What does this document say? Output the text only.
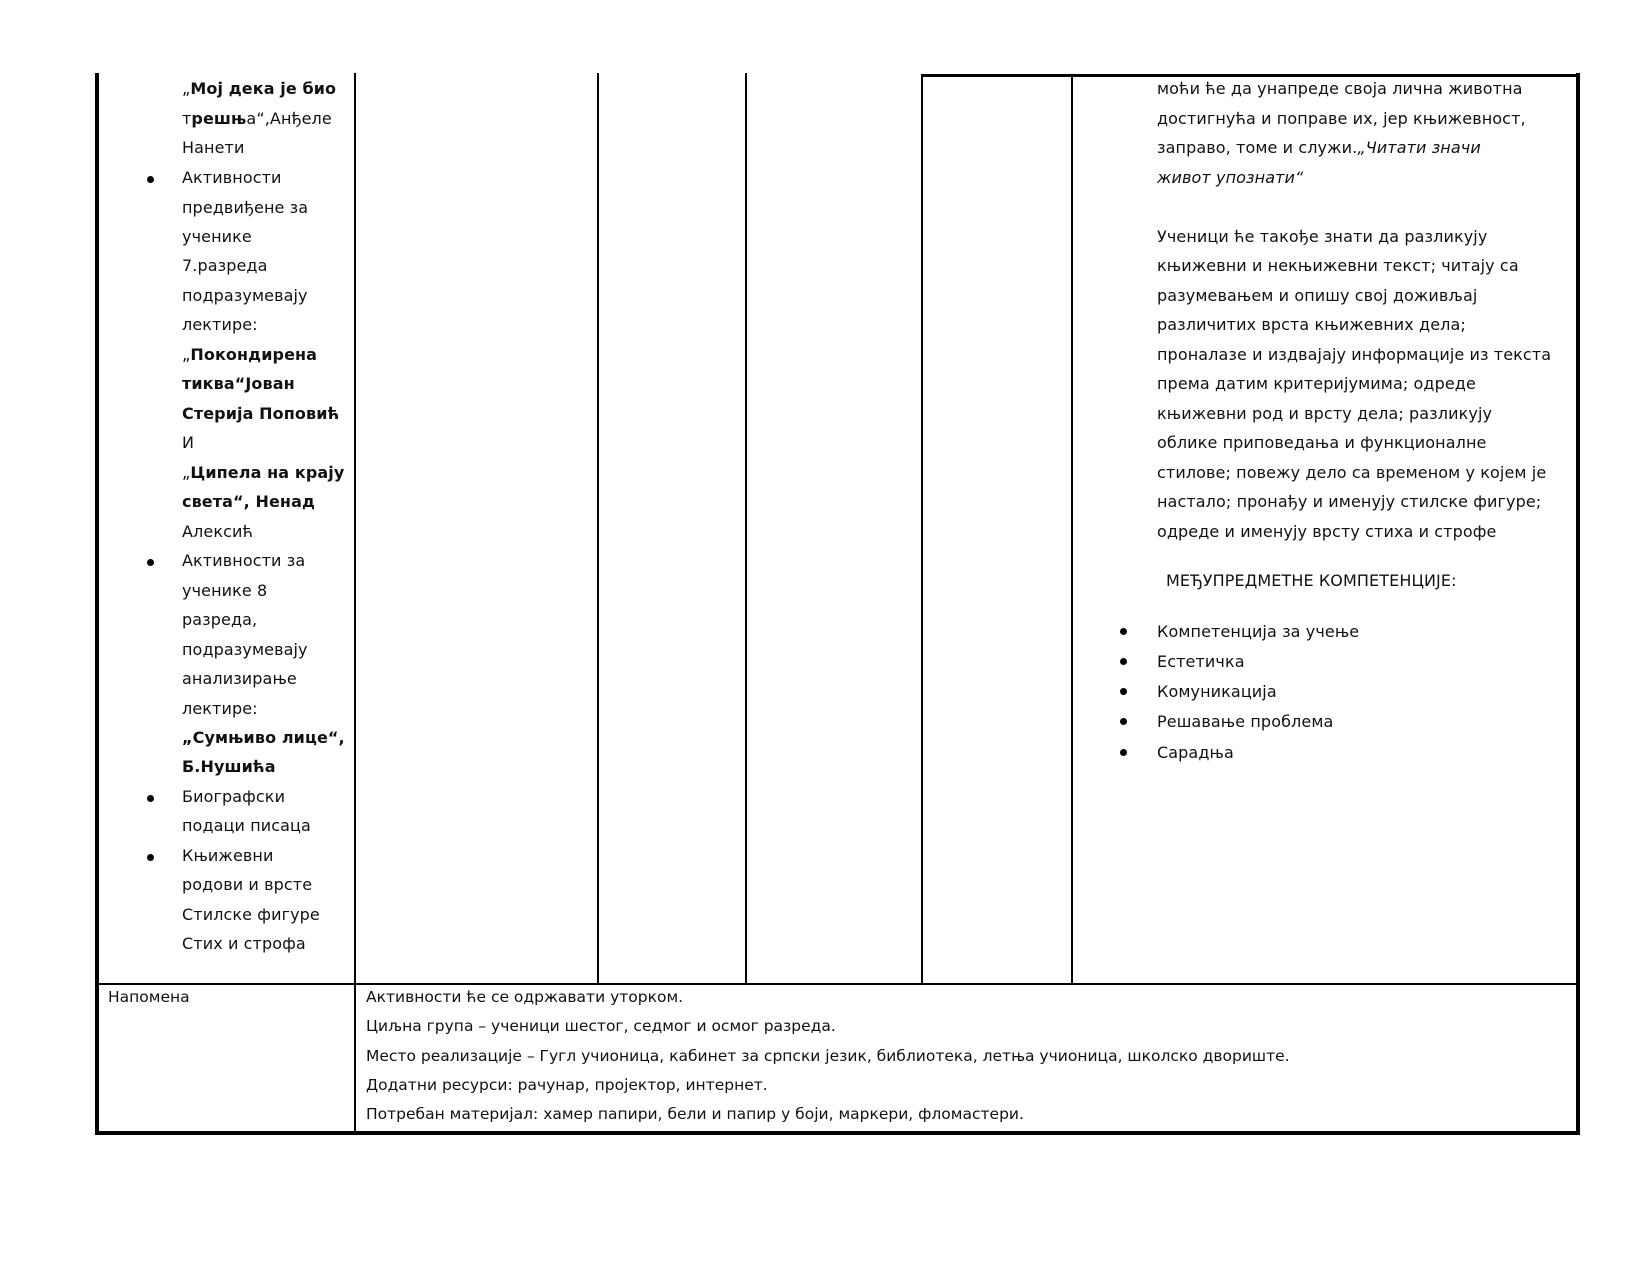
„Мој дека је био
трешња“,Анђеле
Нанети
Активности
предвиђене за
ученике
7.разреда
подразумевају
лектире:
„Покондирена
тиква“Јован
Стерија Поповић
И
„Ципела на крају
света“, Ненад
Алексић
Активности за
ученике 8
разреда,
подразумевају
анализирање
лектире:
„Сумњиво лице“,
Б.Нушића
Биографски
подаци писаца
Књижевни
родови и врсте
Стилске фигуре
Стих и строфа
моћи ће да унапреде своја лична животна
достигнућа и поправе их, јер књижевност,
заправо, томе и служи.„Читати значи
живот упознати“
Ученици ће такође знати да разликују
књижевни и некњижевни текст; читају са
разумевањем и опишу свој доживљај
различитих врста књижевних дела;
проналазе и издвајају информације из текста
према датим критеријумима; одреде
књижевни род и врсту дела; разликују
облике приповедања и функционалне
стилове; повежу дело са временом у којем је
настало; пронађу и именују стилске фигуре;
одреде и именују врсту стиха и строфе
МЕЂУПРЕДМЕТНЕ КОМПЕТЕНЦИЈЕ:
Компетенција за учење
Естетичка
Комуникација
Решавање проблема
Сарадња
Напомена	Активности ће се одржавати уторком.
Циљна група – ученици шестог, седмог и осмог разреда.
Место реализације – Гугл учионица, кабинет за српски језик, библиотека, летња учионица, школско двориште.
Додатни ресурси: рачунар, пројектор, интернет.
Потребан материјал: хамер папири, бели и папир у боји, маркери, фломастери.
